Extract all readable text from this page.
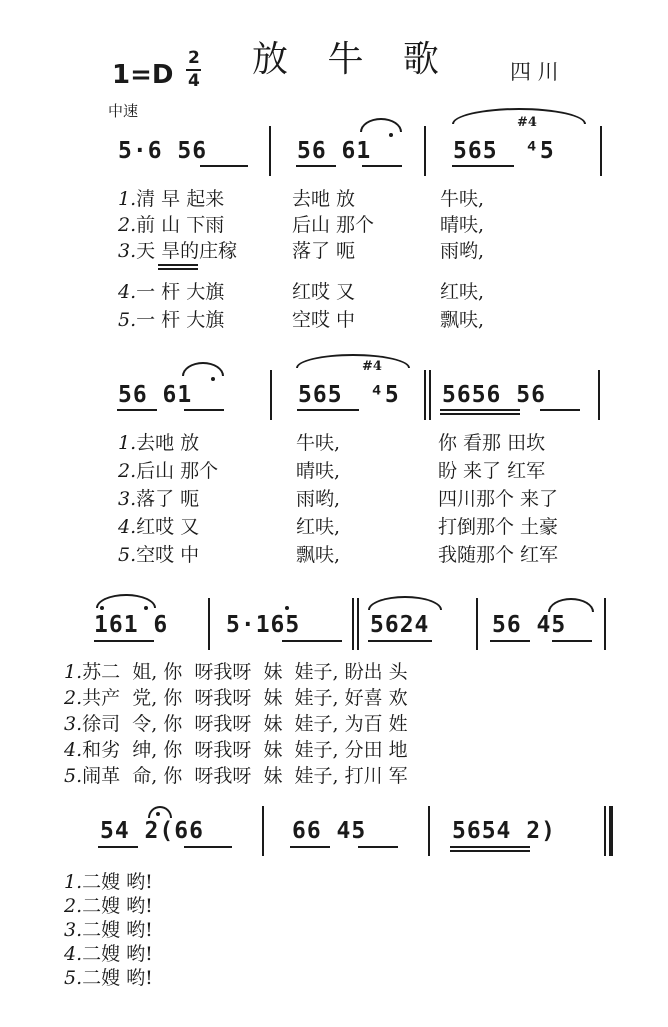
1=D
2
4
放 牛 歌	四 川
中速
5·6 56	56 61	565
#4
⁴5
1.清 早 起来	去吔 放	牛呋,
2.前 山 下雨	后山 那个	晴呋,
3.天 旱的庄稼	落了 呃	雨哟,
4.一 杆 大旗	红哎 又	红呋,
5.一 杆 大旗	空哎 中	飘呋,
56 61	565
#4
⁴5 5656 56
1.去吔 放	牛呋,	你 看那 田坎
2.后山 那个	晴呋,	盼 来了 红军
3.落了 呃	雨哟,	四川那个 来了
4.红哎 又	红呋,	打倒那个 土豪
5.空哎 中	飘呋,	我随那个 红军
161 6	5·165	5624	56 45
1.苏二  姐, 你  呀我呀  妹  娃子, 盼出 头
2.共产  党, 你  呀我呀  妹  娃子, 好喜 欢
3.徐司  令, 你  呀我呀  妹  娃子, 为百 姓
4.和劣  绅, 你  呀我呀  妹  娃子, 分田 地
5.闹革  命, 你  呀我呀  妹  娃子, 打川 军
54 2(66	66 45	5654 2)
1.二嫂 哟!
2.二嫂 哟!
3.二嫂 哟!
4.二嫂 哟!
5.二嫂 哟!
